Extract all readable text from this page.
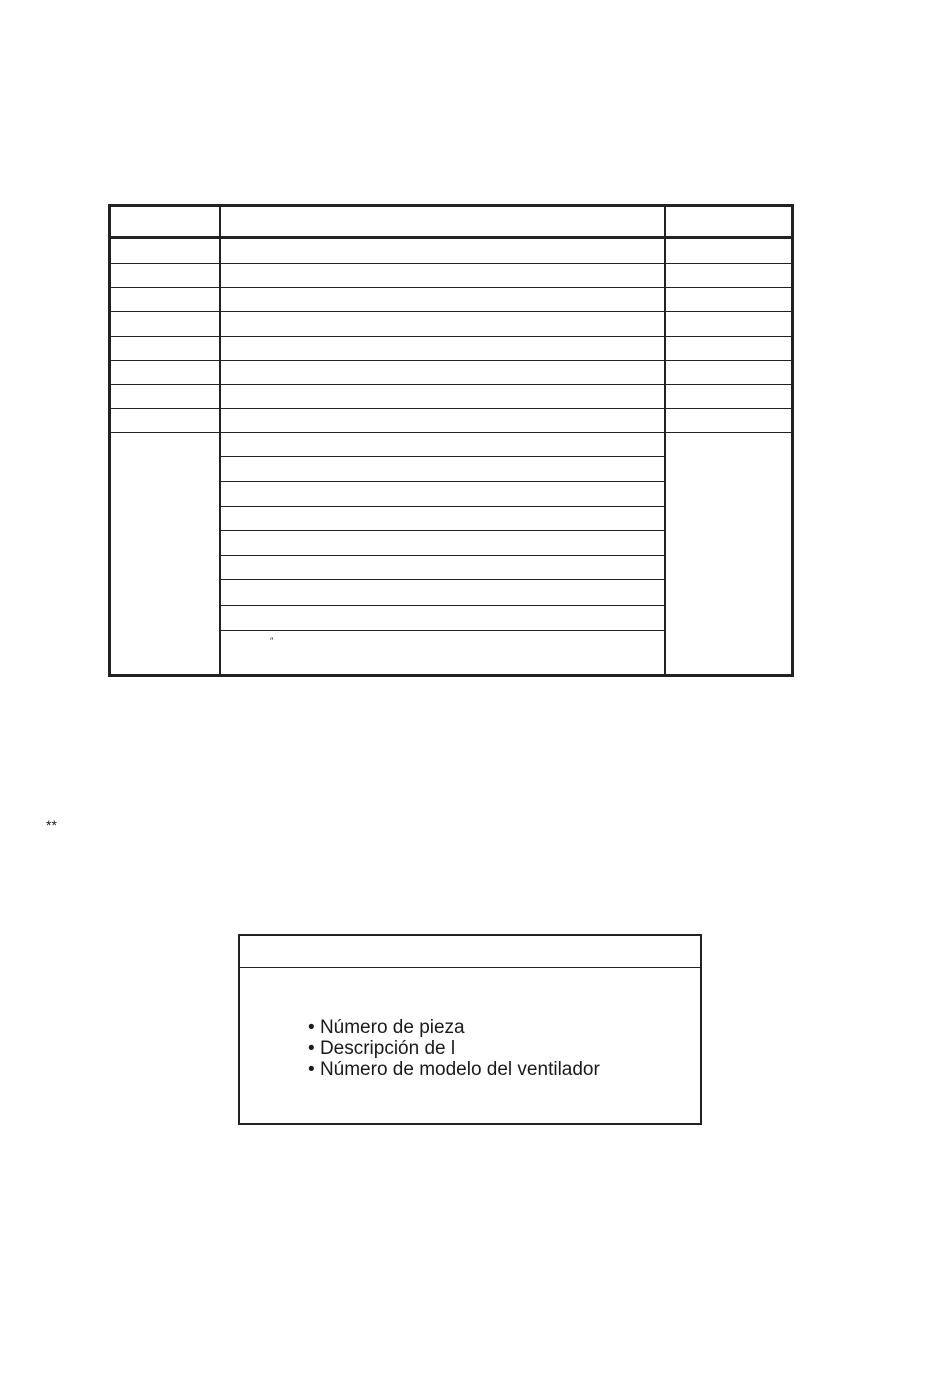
″
**
• Número de pieza
• Descripción de l
• Número de modelo del ventilador
